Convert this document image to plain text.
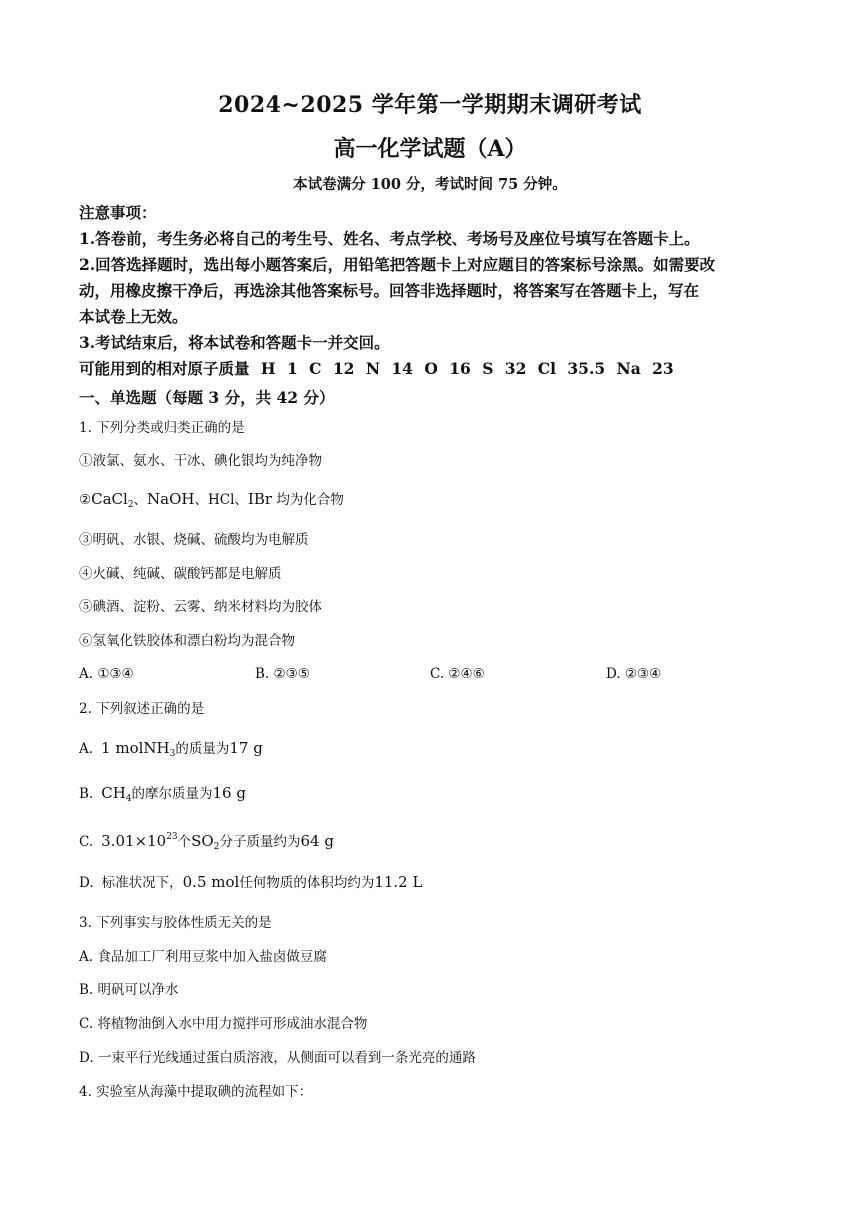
2024~2025 学年第一学期期末调研考试
高一化学试题（A）
本试卷满分 100 分，考试时间 75 分钟。

注意事项：

1.答卷前，考生务必将自己的考生号、姓名、考点学校、考场号及座位号填写在答题卡上。

2.回答选择题时，选出每小题答案后，用铅笔把答题卡上对应题目的答案标号涂黑。如需要改

动，用橡皮擦干净后，再选涂其他答案标号。回答非选择题时，将答案写在答题卡上，写在

本试卷上无效。

3.考试结束后，将本试卷和答题卡一并交回。

可能用到的相对原子质量 H 1 C 12 N 14 O 16 S 32 Cl 35.5 Na 23

一、单选题（每题 3 分，共 42 分）
1. 下列分类或归类正确的是
①液氯、氨水、干冰、碘化银均为纯净物
②CaCl$_2$、NaOH、HCl、IBr 均为化合物
③明矾、水银、烧碱、硫酸均为电解质
④火碱、纯碱、碳酸钙都是电解质
⑤碘酒、淀粉、云雾、纳米材料均为胶体
⑥氢氧化铁胶体和漂白粉均为混合物
A. ①③④	B. ②③⑤	C. ②④⑥	D. ②③④
2. 下列叙述正确的是
A. 1 molNH$_3$的质量为17 g
B. $CH_4$的摩尔质量为16 g
C. $3.01\times 10^{23}$个$SO_2$分子质量约为64 g
D. 标准状况下，0.5 mol任何物质的体积均约为11.2 L
3. 下列事实与胶体性质无关的是
A. 食品加工厂利用豆浆中加入盐卤做豆腐
B. 明矾可以净水
C. 将植物油倒入水中用力搅拌可形成油水混合物
D. 一束平行光线通过蛋白质溶液，从侧面可以看到一条光亮的通路
4. 实验室从海藻中提取碘的流程如下：
